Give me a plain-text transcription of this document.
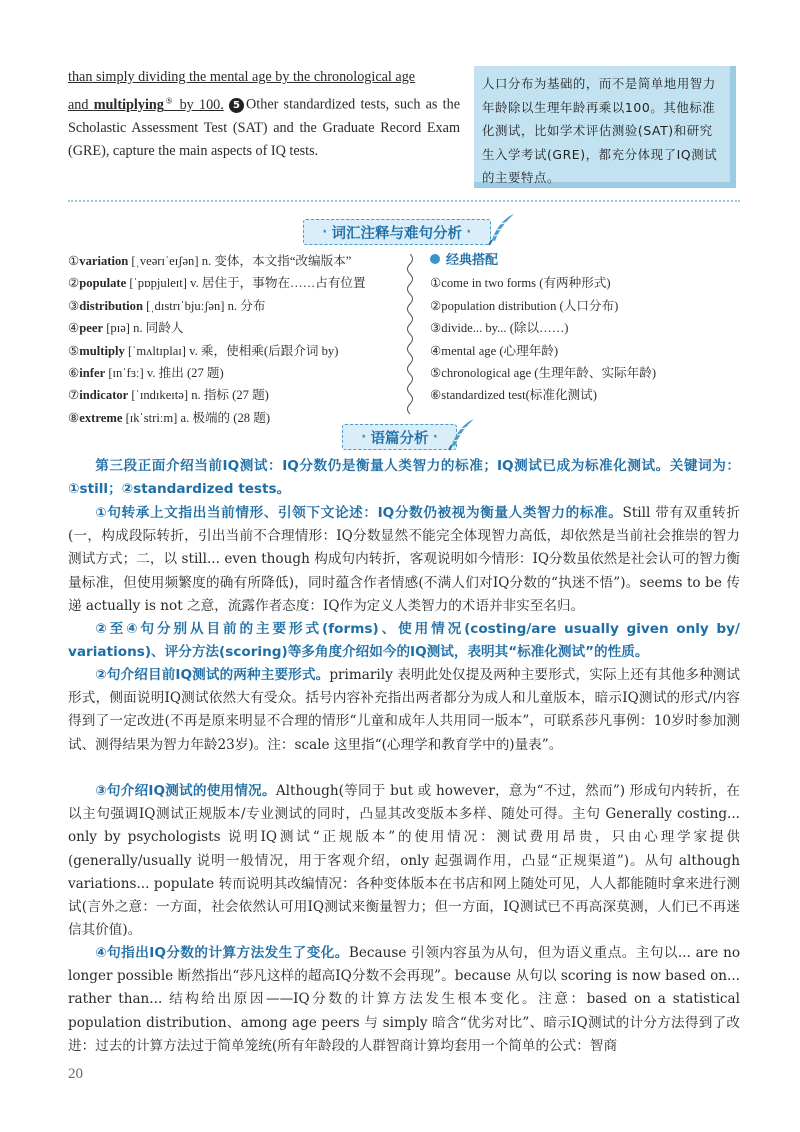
than simply dividing the mental age by the chronological age
and multiplying⑤ by 100. 5 Other standardized tests, such as the Scholastic Assessment Test (SAT) and the Graduate Record Exam (GRE), capture the main aspects of IQ tests.
人口分布为基础的，而不是简单地用智力年龄除以生理年龄再乘以100。其他标准化测试，比如学术评估测验(SAT)和研究生入学考试(GRE)，都充分体现了IQ测试的主要特点。
· 词汇注释与难句分析 ·
①variation [ˌveərɪˈeɪʃən] n. 变体，本文指“改编版本”
②populate [ˈpɒpjuleɪt] v. 居住于，事物在……占有位置
③distribution [ˌdɪstrɪˈbjuːʃən] n. 分布
④peer [pɪə] n. 同龄人
⑤multiply [ˈmʌltɪplaɪ] v. 乘，使相乘(后跟介词 by)
⑥infer [ɪnˈfɜː] v. 推出 (27 题)
⑦indicator [ˈɪndɪkeɪtə] n. 指标 (27 题)
⑧extreme [ɪkˈstriːm] a. 极端的 (28 题)
经典搭配
①come in two forms (有两种形式)
②population distribution (人口分布)
③divide... by... (除以……)
④mental age (心理年龄)
⑤chronological age (生理年龄、实际年龄)
⑥standardized test(标准化测试)
· 语篇分析 ·
第三段正面介绍当前IQ测试：IQ分数仍是衡量人类智力的标准；IQ测试已成为标准化测试。关键词为：①still；②standardized tests。
①句转承上文指出当前情形、引领下文论述：IQ分数仍被视为衡量人类智力的标准。Still 带有双重转折(一，构成段际转折，引出当前不合理情形：IQ分数显然不能完全体现智力高低，却依然是当前社会推崇的智力测试方式；二，以 still... even though 构成句内转折，客观说明如今情形：IQ分数虽依然是社会认可的智力衡量标准，但使用频繁度的确有所降低)，同时蕴含作者情感(不满人们对IQ分数的“执迷不悟”)。seems to be 传递 actually is not 之意，流露作者态度：IQ作为定义人类智力的术语并非实至名归。
②至④句分别从目前的主要形式(forms)、使用情况(costing/are usually given only by/ variations)、评分方法(scoring)等多角度介绍如今的IQ测试，表明其“标准化测试”的性质。
②句介绍目前IQ测试的两种主要形式。primarily 表明此处仅提及两种主要形式，实际上还有其他多种测试形式，侧面说明IQ测试依然大有受众。括号内容补充指出两者都分为成人和儿童版本，暗示IQ测试的形式/内容得到了一定改进(不再是原来明显不合理的情形“儿童和成年人共用同一版本”，可联系莎凡事例：10岁时参加测试、测得结果为智力年龄23岁)。注：scale 这里指“(心理学和教育学中的)量表”。
③句介绍IQ测试的使用情况。Although(等同于 but 或 however，意为“不过，然而”) 形成句内转折，在以主句强调IQ测试正规版本/专业测试的同时，凸显其改变版本多样、随处可得。主句 Generally costing... only by psychologists 说明IQ测试“正规版本”的使用情况：测试费用昂贵，只由心理学家提供(generally/usually 说明一般情况，用于客观介绍，only 起强调作用，凸显“正规渠道”)。从句 although variations... populate 转而说明其改编情况：各种变体版本在书店和网上随处可见，人人都能随时拿来进行测试(言外之意：一方面，社会依然认可用IQ测试来衡量智力；但一方面，IQ测试已不再高深莫测，人们已不再迷信其价值)。
④句指出IQ分数的计算方法发生了变化。Because 引领内容虽为从句，但为语义重点。主句以... are no longer possible 断然指出“莎凡这样的超高IQ分数不会再现”。because 从句以 scoring is now based on... rather than... 结构给出原因——IQ分数的计算方法发生根本变化。注意：based on a statistical population distribution、among age peers 与 simply 暗含“优劣对比”、暗示IQ测试的计分方法得到了改进：过去的计算方法过于简单笼统(所有年龄段的人群智商计算均套用一个简单的公式：智商
20
